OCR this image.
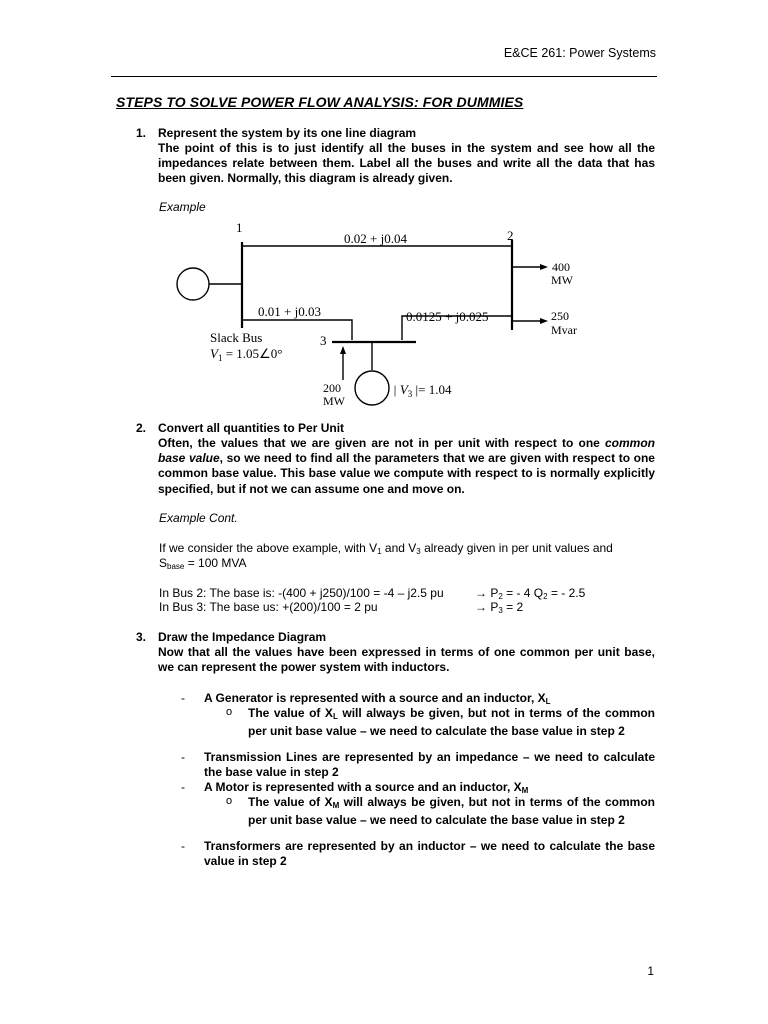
E&CE 261: Power Systems
STEPS TO SOLVE POWER FLOW ANALYSIS: FOR DUMMIES
1. Represent the system by its one line diagram
The point of this is to just identify all the buses in the system and see how all the impedances relate between them. Label all the buses and write all the data that has been given. Normally, this diagram is already given.
Example
1
2
3
0.02 + j0.04
0.01 + j0.03	0.0125 + j0.025
400
MW
250
Mvar
Slack Bus
$V_1$ = 1.05∠0°
200
MW
| $V_3$ |= 1.04
2. Convert all quantities to Per Unit
Often, the values that we are given are not in per unit with respect to one common base value, so we need to find all the parameters that we are given with respect to one common base value. This base value we compute with respect to is normally explicitly specified, but if not we can assume one and move on.
Example Cont.
If we consider the above example, with $V_1$ and $V_3$ already given in per unit values and
$S_{base} = 100$ MVA
In Bus 2: The base is: -(400 + j250)/100 = -4 – j2.5 pu	→ $P_2$ = - 4 $Q_2$ = - 2.5
In Bus 3: The base us: +(200)/100 = 2 pu	→ $P_3 = 2$
3. Draw the Impedance Diagram
Now that all the values have been expressed in terms of one common per unit base, we can represent the power system with inductors.
- A Generator is represented with a source and an inductor, $X_L$
o The value of $X_L$ will always be given, but not in terms of the common per unit base value – we need to calculate the base value in step 2
- Transmission Lines are represented by an impedance – we need to calculate the base value in step 2
- A Motor is represented with a source and an inductor, $X_M$
o The value of $X_M$ will always be given, but not in terms of the common per unit base value – we need to calculate the base value in step 2
- Transformers are represented by an inductor – we need to calculate the base value in step 2
1
